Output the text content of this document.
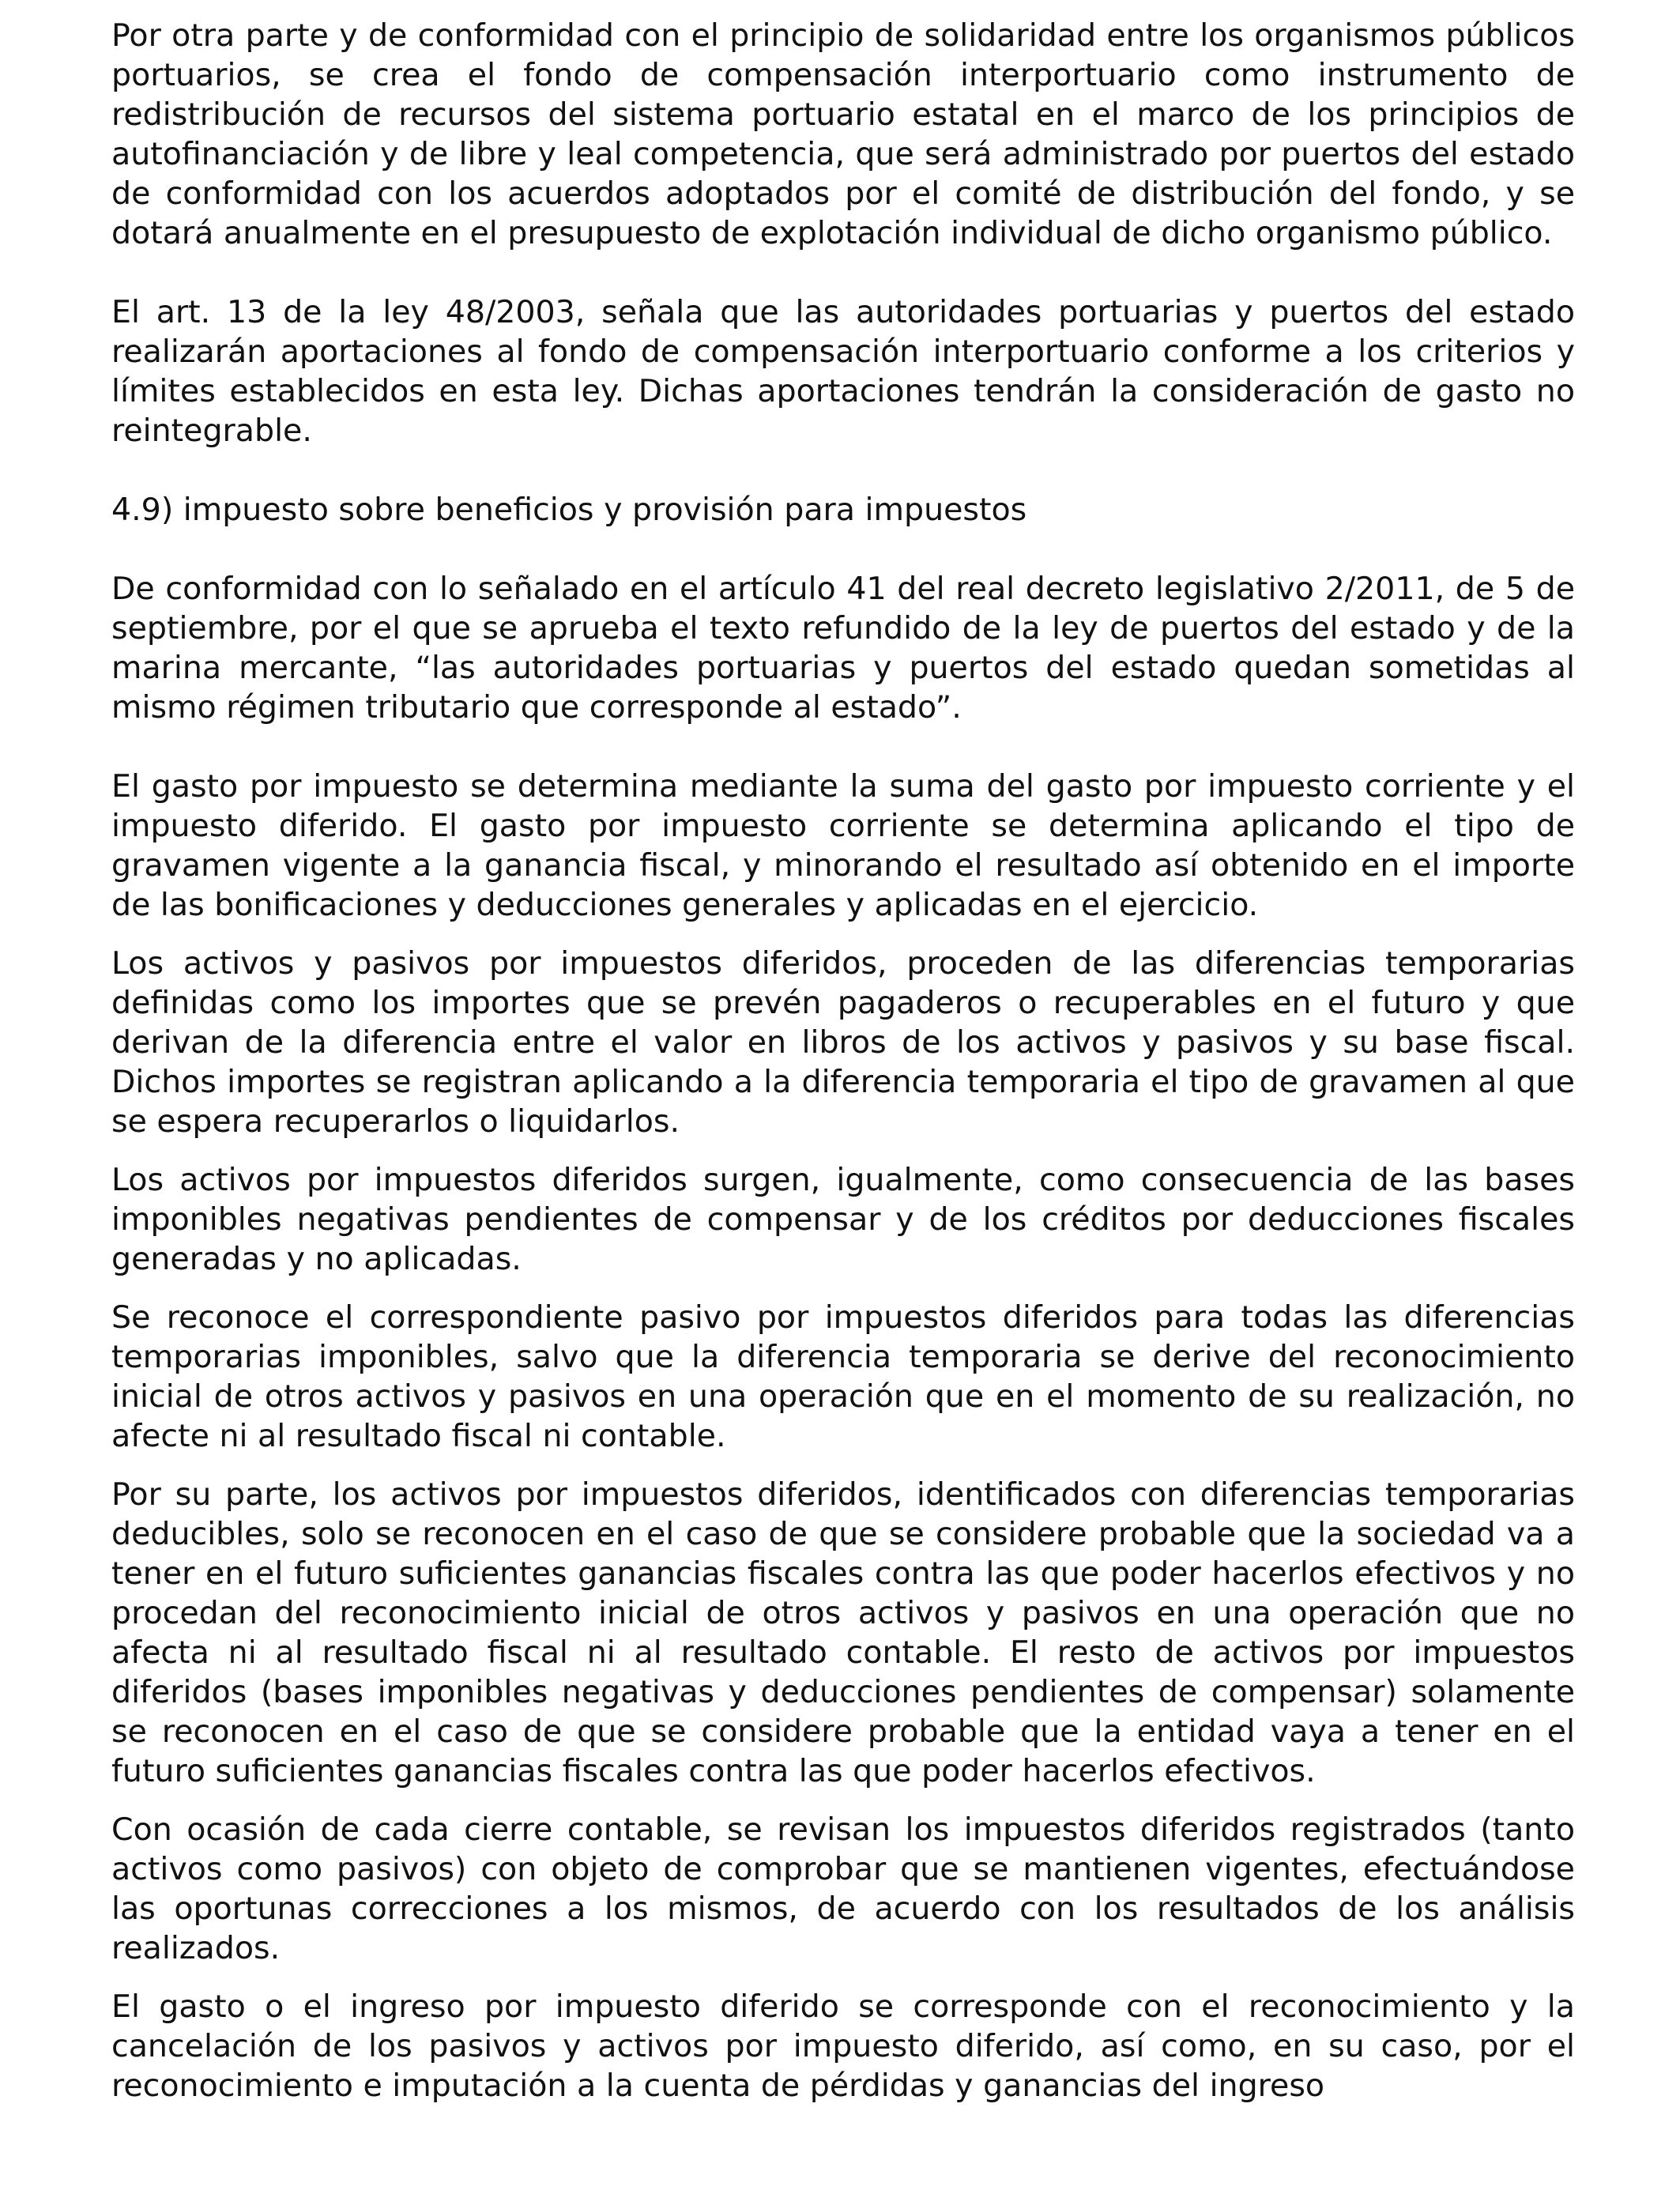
Por otra parte y de conformidad con el principio de solidaridad entre los organismos públicos portuarios, se crea el fondo de compensación interportuario como instrumento de redistribución de recursos del sistema portuario estatal en el marco de los principios de autofinanciación y de libre y leal competencia, que será administrado por puertos del estado de conformidad con los acuerdos adoptados por el comité de distribución del fondo, y se dotará anualmente en el presupuesto de explotación individual de dicho organismo público.

El art. 13 de la ley 48/2003, señala que las autoridades portuarias y puertos del estado realizarán aportaciones al fondo de compensación interportuario conforme a los criterios y límites establecidos en esta ley. Dichas aportaciones tendrán la consideración de gasto no reintegrable.

4.9) impuesto sobre beneficios y provisión para impuestos

De conformidad con lo señalado en el artículo 41 del real decreto legislativo 2/2011, de 5 de septiembre, por el que se aprueba el texto refundido de la ley de puertos del estado y de la marina mercante, “las autoridades portuarias y puertos del estado quedan sometidas al mismo régimen tributario que corresponde al estado”.

El gasto por impuesto se determina mediante la suma del gasto por impuesto corriente y el impuesto diferido. El gasto por impuesto corriente se determina aplicando el tipo de gravamen vigente a la ganancia fiscal, y minorando el resultado así obtenido en el importe de las bonificaciones y deducciones generales y aplicadas en el ejercicio.

Los activos y pasivos por impuestos diferidos, proceden de las diferencias temporarias definidas como los importes que se prevén pagaderos o recuperables en el futuro y que derivan de la diferencia entre el valor en libros de los activos y pasivos y su base fiscal. Dichos importes se registran aplicando a la diferencia temporaria el tipo de gravamen al que se espera recuperarlos o liquidarlos.

Los activos por impuestos diferidos surgen, igualmente, como consecuencia de las bases imponibles negativas pendientes de compensar y de los créditos por deducciones fiscales generadas y no aplicadas.

Se reconoce el correspondiente pasivo por impuestos diferidos para todas las diferencias temporarias imponibles, salvo que la diferencia temporaria se derive del reconocimiento inicial de otros activos y pasivos en una operación que en el momento de su realización, no afecte ni al resultado fiscal ni contable.

Por su parte, los activos por impuestos diferidos, identificados con diferencias temporarias deducibles, solo se reconocen en el caso de que se considere probable que la sociedad va a tener en el futuro suficientes ganancias fiscales contra las que poder hacerlos efectivos y no procedan del reconocimiento inicial de otros activos y pasivos en una operación que no afecta ni al resultado fiscal ni al resultado contable. El resto de activos por impuestos diferidos (bases imponibles negativas y deducciones pendientes de compensar) solamente se reconocen en el caso de que se considere probable que la entidad vaya a tener en el futuro suficientes ganancias fiscales contra las que poder hacerlos efectivos.

Con ocasión de cada cierre contable, se revisan los impuestos diferidos registrados (tanto activos como pasivos) con objeto de comprobar que se mantienen vigentes, efectuándose las oportunas correcciones a los mismos, de acuerdo con los resultados de los análisis realizados.

El gasto o el ingreso por impuesto diferido se corresponde con el reconocimiento y la cancelación de los pasivos y activos por impuesto diferido, así como, en su caso, por el reconocimiento e imputación a la cuenta de pérdidas y ganancias del ingreso
